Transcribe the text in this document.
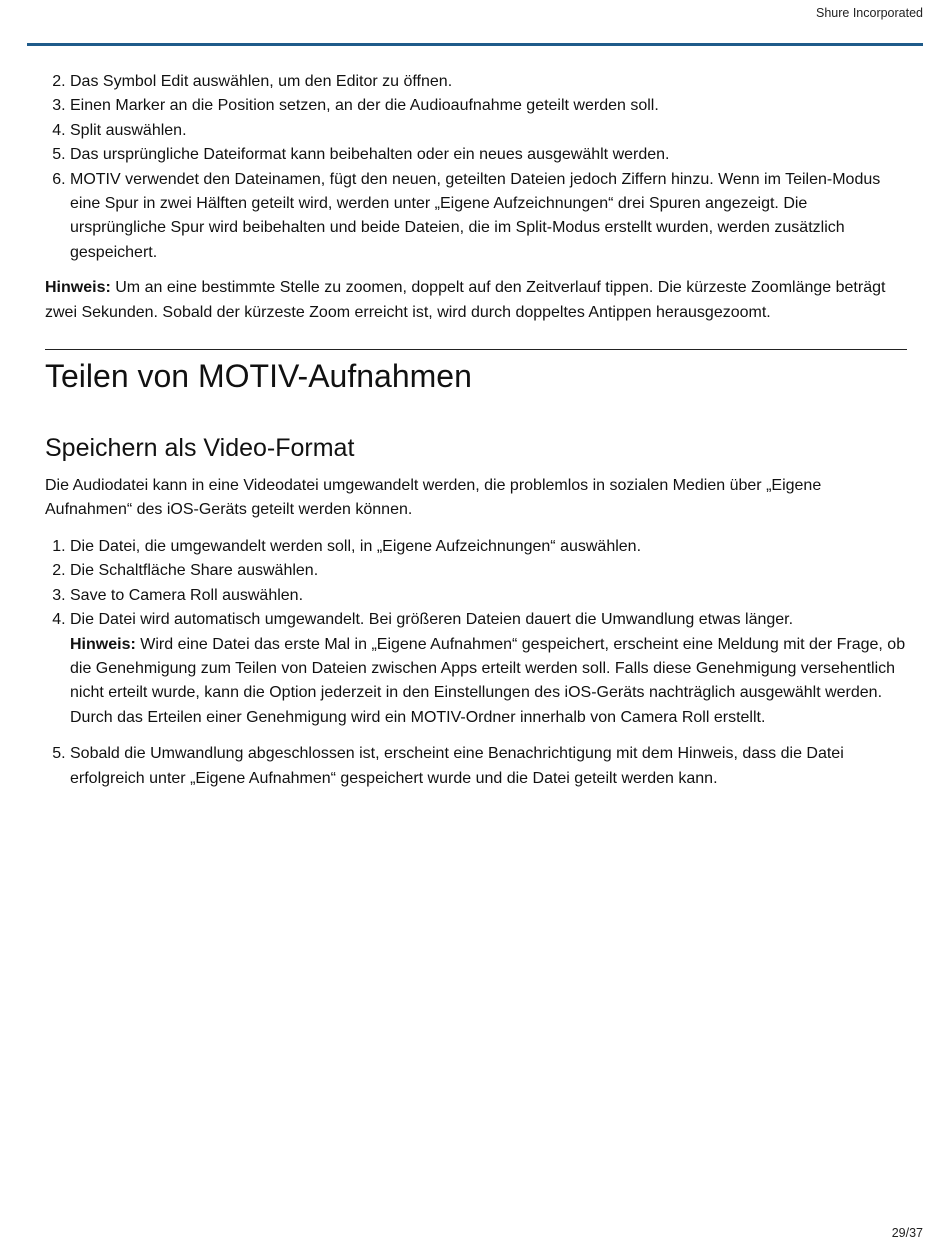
Shure Incorporated
2. Das Symbol Edit auswählen, um den Editor zu öffnen.
3. Einen Marker an die Position setzen, an der die Audioaufnahme geteilt werden soll.
4. Split auswählen.
5. Das ursprüngliche Dateiformat kann beibehalten oder ein neues ausgewählt werden.
6. MOTIV verwendet den Dateinamen, fügt den neuen, geteilten Dateien jedoch Ziffern hinzu. Wenn im Teilen-Modus eine Spur in zwei Hälften geteilt wird, werden unter „Eigene Aufzeichnungen“ drei Spuren angezeigt. Die ursprüngliche Spur wird beibehalten und beide Dateien, die im Split-Modus erstellt wurden, werden zusätzlich gespeichert.

Hinweis: Um an eine bestimmte Stelle zu zoomen, doppelt auf den Zeitverlauf tippen. Die kürzeste Zoomlänge beträgt zwei Sekunden. Sobald der kürzeste Zoom erreicht ist, wird durch doppeltes Antippen herausgezoomt.

Teilen von MOTIV-Aufnahmen
Speichern als Video-Format

Die Audiodatei kann in eine Videodatei umgewandelt werden, die problemlos in sozialen Medien über „Eigene Aufnahmen“ des iOS-Geräts geteilt werden können.

1. Die Datei, die umgewandelt werden soll, in „Eigene Aufzeichnungen“ auswählen.
2. Die Schaltfläche Share auswählen.
3. Save to Camera Roll auswählen.
4. Die Datei wird automatisch umgewandelt. Bei größeren Dateien dauert die Umwandlung etwas länger.
Hinweis: Wird eine Datei das erste Mal in „Eigene Aufnahmen“ gespeichert, erscheint eine Meldung mit der Frage, ob die Genehmigung zum Teilen von Dateien zwischen Apps erteilt werden soll. Falls diese Genehmigung versehentlich nicht erteilt wurde, kann die Option jederzeit in den Einstellungen des iOS-Geräts nachträglich ausgewählt werden. Durch das Erteilen einer Genehmigung wird ein MOTIV-Ordner innerhalb von Camera Roll erstellt.
5. Sobald die Umwandlung abgeschlossen ist, erscheint eine Benachrichtigung mit dem Hinweis, dass die Datei erfolgreich unter „Eigene Aufnahmen“ gespeichert wurde und die Datei geteilt werden kann.
29/37
